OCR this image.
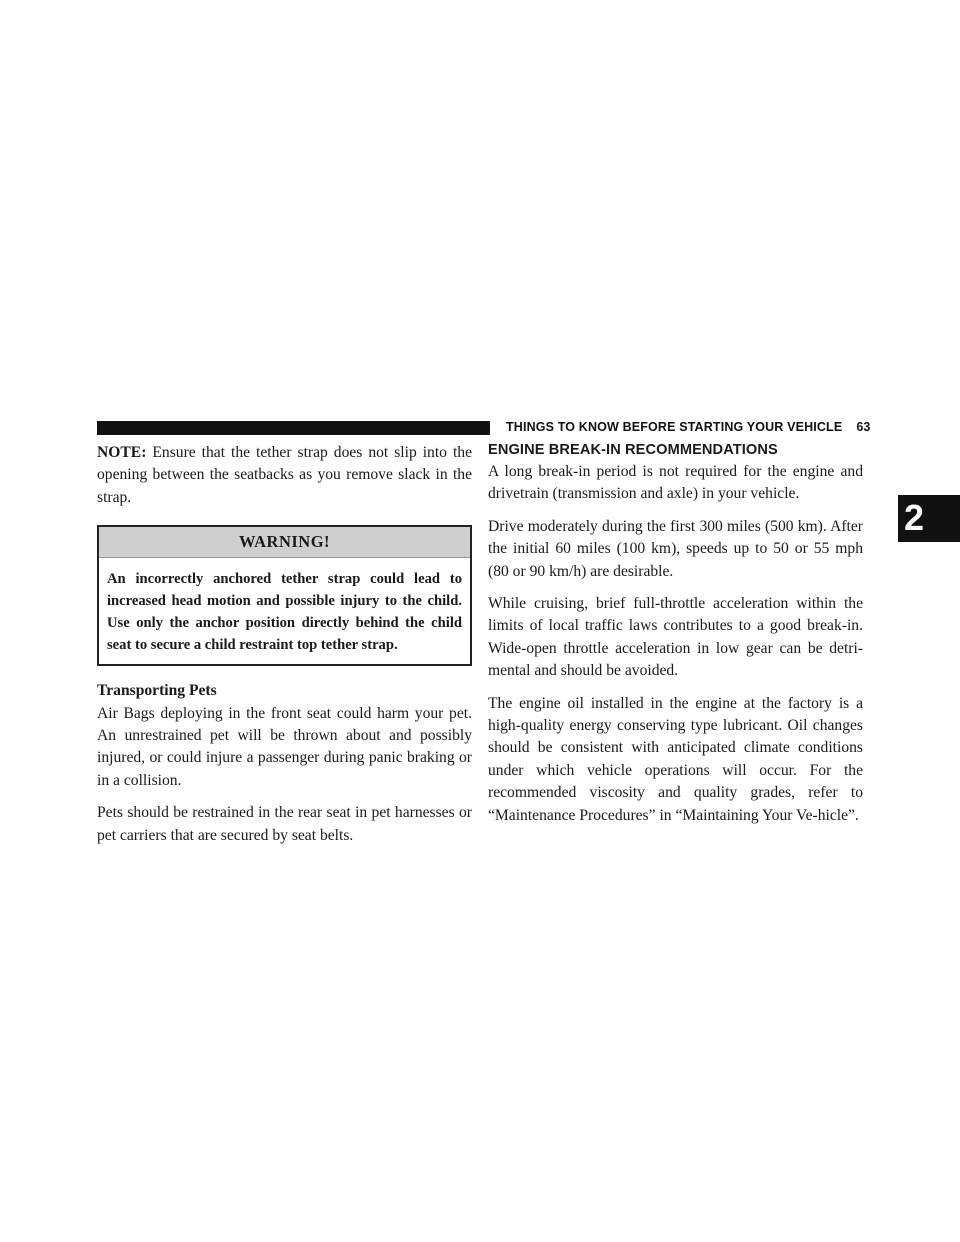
THINGS TO KNOW BEFORE STARTING YOUR VEHICLE 63
2

NOTE: Ensure that the tether strap does not slip into the opening between the seatbacks as you remove slack in the strap.

WARNING!
An incorrectly anchored tether strap could lead to increased head motion and possible injury to the child. Use only the anchor position directly behind the child seat to secure a child restraint top tether strap.

Transporting Pets

Air Bags deploying in the front seat could harm your pet. An unrestrained pet will be thrown about and possibly injured, or could injure a passenger during panic braking or in a collision.

Pets should be restrained in the rear seat in pet harnesses or pet carriers that are secured by seat belts.

ENGINE BREAK-IN RECOMMENDATIONS

A long break-in period is not required for the engine and drivetrain (transmission and axle) in your vehicle.

Drive moderately during the first 300 miles (500 km). After the initial 60 miles (100 km), speeds up to 50 or 55 mph (80 or 90 km/h) are desirable.

While cruising, brief full-throttle acceleration within the limits of local traffic laws contributes to a good break-in. Wide-open throttle acceleration in low gear can be detri-mental and should be avoided.

The engine oil installed in the engine at the factory is a high-quality energy conserving type lubricant. Oil changes should be consistent with anticipated climate conditions under which vehicle operations will occur. For the recommended viscosity and quality grades, refer to “Maintenance Procedures” in “Maintaining Your Ve-hicle”.
